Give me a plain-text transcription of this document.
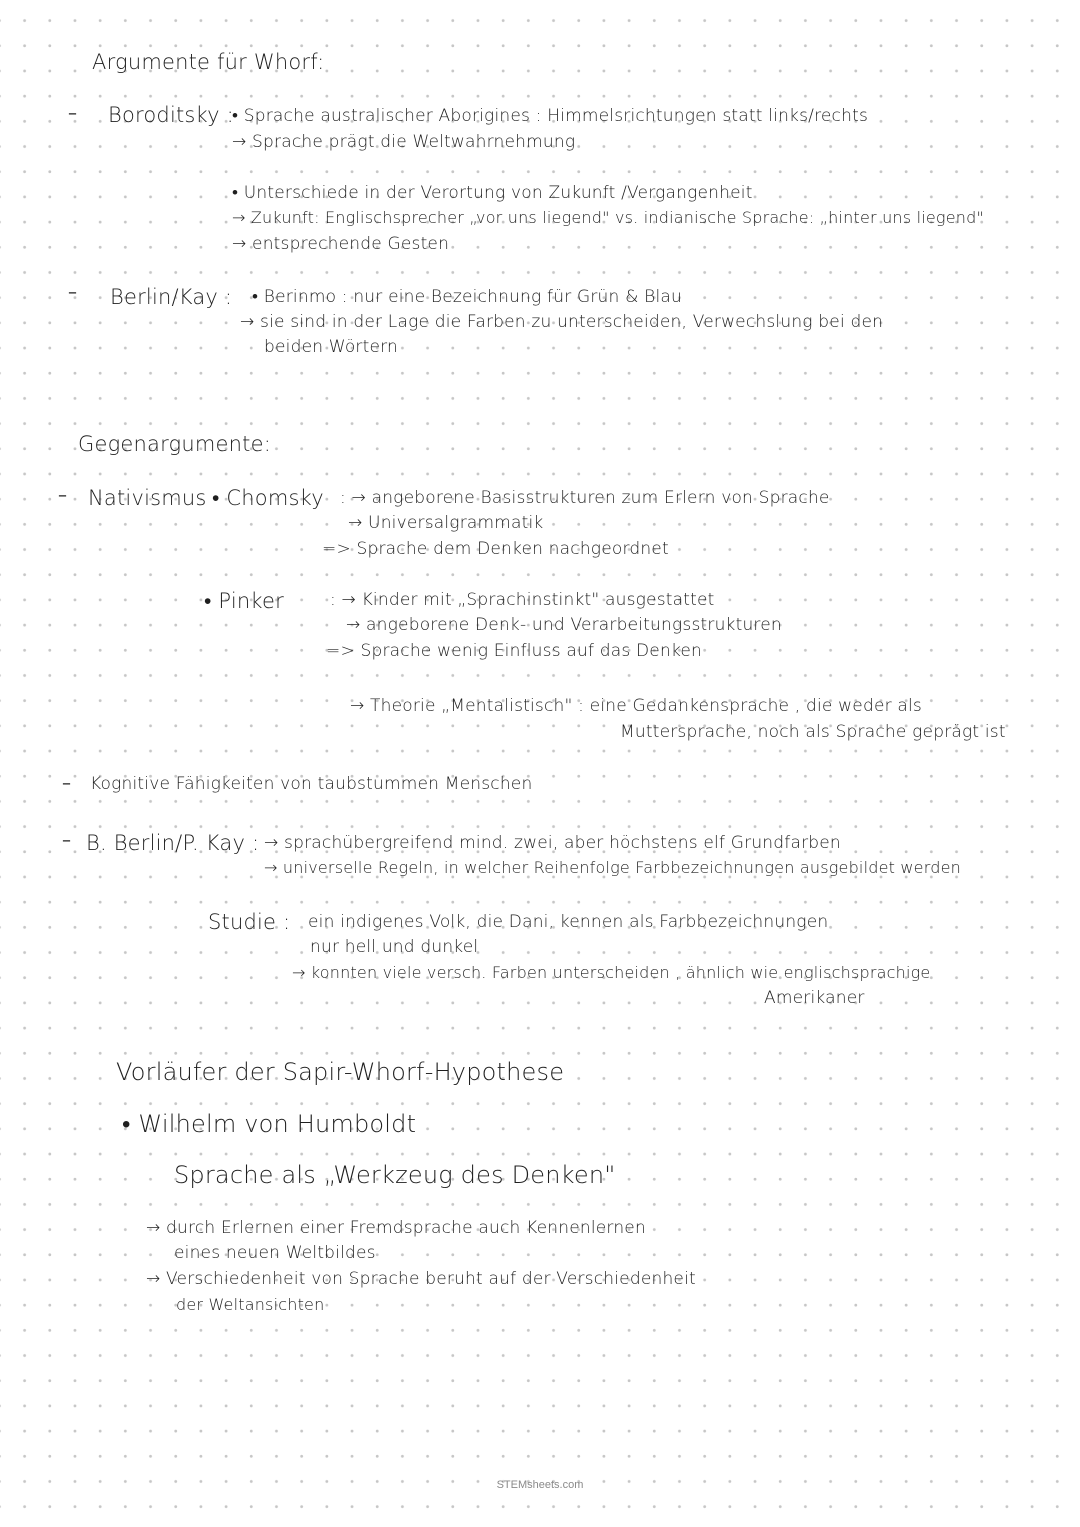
Argumente für Whorf:
– Boroditsky :
• Sprache australischer Aborigines : Himmelsrichtungen statt links/rechts
→ Sprache prägt die Weltwahrnehmung
• Unterschiede in der Verortung von Zukunft /Vergangenheit
→ Zukunft: Englischsprecher „vor uns liegend" vs. indianische Sprache: „hinter uns liegend"
→ entsprechende Gesten
– Berlin/Kay : • Berinmo : nur eine Bezeichnung für Grün & Blau
→ sie sind in der Lage die Farben zu unterscheiden, Verwechslung bei den
beiden Wörtern
Gegenargumente:
– Nativismus • Chomsky : → angeborene Basisstrukturen zum Erlern von Sprache
→ Universalgrammatik
=> Sprache dem Denken nachgeordnet
• Pinker	: → Kinder mit „Sprachinstinkt" ausgestattet
→ angeborene Denk- und Verarbeitungsstrukturen
=> Sprache wenig Einfluss auf das Denken
→ Theorie „Mentalistisch" : eine Gedankensprache , die weder als
Muttersprache, noch als Sprache geprägt ist
– Kognitive Fähigkeiten von taubstummen Menschen
– B. Berlin/P. Kay : → sprachübergreifend mind. zwei, aber höchstens elf Grundfarben
→ universelle Regeln, in welcher Reihenfolge Farbbezeichnungen ausgebildet werden
Studie : ein indigenes Volk, die Dani, kennen als Farbbezeichnungen
nur hell und dunkel
→ konnten viele versch. Farben unterscheiden , ähnlich wie englischsprachige
Amerikaner
Vorläufer der Sapir-Whorf-Hypothese
• Wilhelm von Humboldt
Sprache als „Werkzeug des Denken"
→ durch Erlernen einer Fremdsprache auch Kennenlernen
eines neuen Weltbildes
→ Verschiedenheit von Sprache beruht auf der Verschiedenheit
der Weltansichten
STEMsheets.com
